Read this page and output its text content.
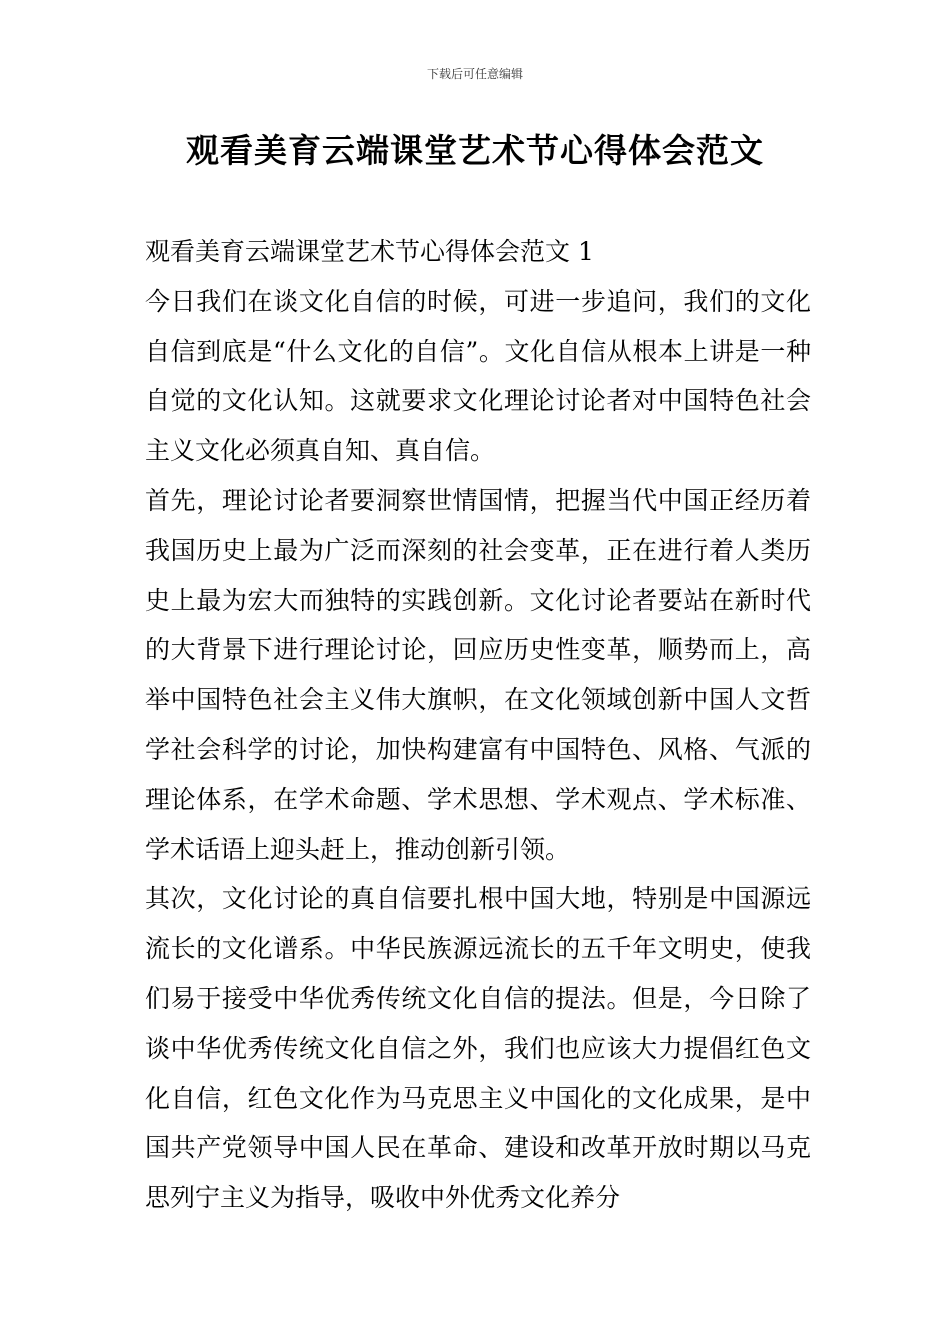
下载后可任意编辑
观看美育云端课堂艺术节心得体会范文

观看美育云端课堂艺术节心得体会范文 1

今日我们在谈文化自信的时候，可进一步追问，我们的文化自信到底是“什么文化的自信”。文化自信从根本上讲是一种自觉的文化认知。这就要求文化理论讨论者对中国特色社会主义文化必须真自知、真自信。

首先，理论讨论者要洞察世情国情，把握当代中国正经历着我国历史上最为广泛而深刻的社会变革，正在进行着人类历史上最为宏大而独特的实践创新。文化讨论者要站在新时代的大背景下进行理论讨论，回应历史性变革，顺势而上，高举中国特色社会主义伟大旗帜，在文化领域创新中国人文哲学社会科学的讨论，加快构建富有中国特色、风格、气派的理论体系，在学术命题、学术思想、学术观点、学术标准、学术话语上迎头赶上，推动创新引领。

其次，文化讨论的真自信要扎根中国大地，特别是中国源远流长的文化谱系。中华民族源远流长的五千年文明史，使我们易于接受中华优秀传统文化自信的提法。但是，今日除了谈中华优秀传统文化自信之外，我们也应该大力提倡红色文化自信，红色文化作为马克思主义中国化的文化成果，是中国共产党领导中国人民在革命、建设和改革开放时期以马克思列宁主义为指导，吸收中外优秀文化养分
